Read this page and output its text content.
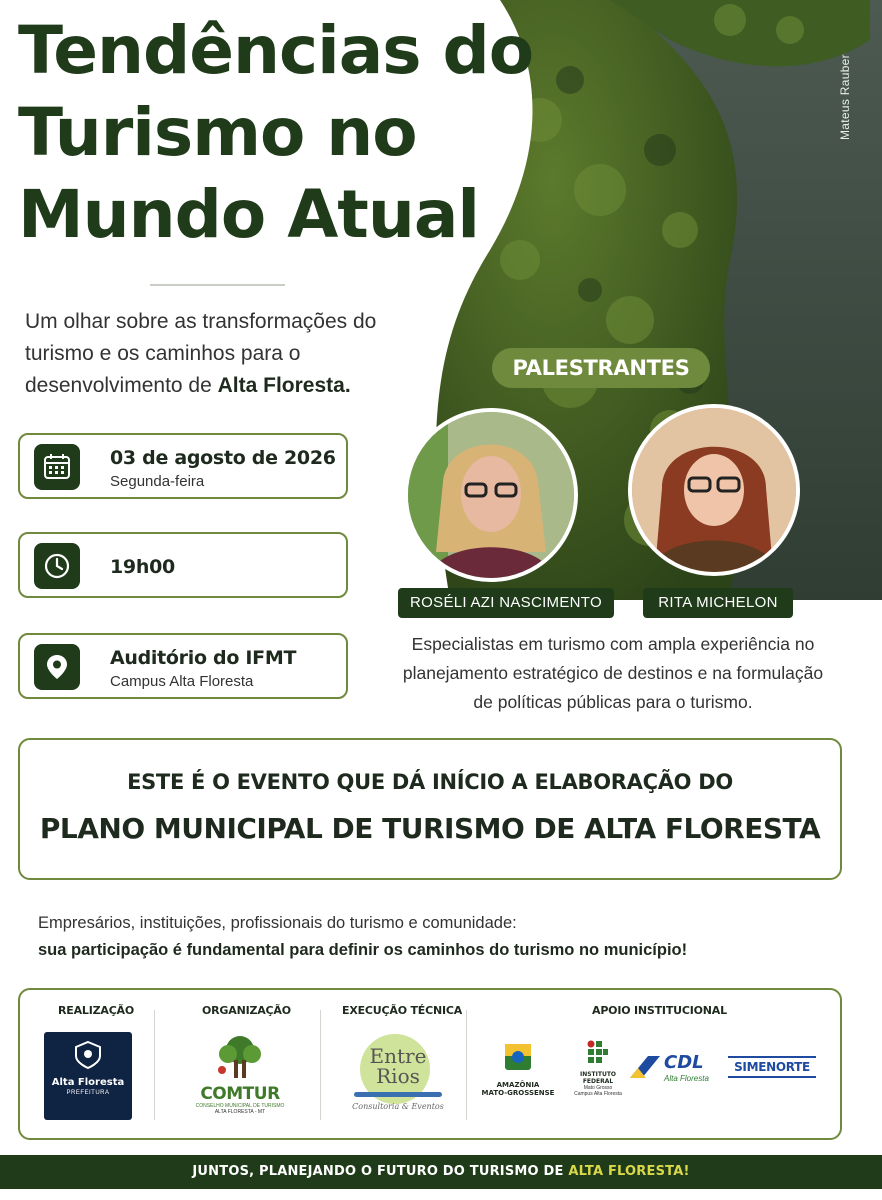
Mateus Rauber
Tendências do
Turismo no
Mundo Atual
Um olhar sobre as transformações do turismo e os caminhos para o desenvolvimento de Alta Floresta.
03 de agosto de 2026
Segunda-feira
19h00
Auditório do IFMT
Campus Alta Floresta
PALESTRANTES
ROSÉLI AZI NASCIMENTO	RITA MICHELON
Especialistas em turismo com ampla experiência no planejamento estratégico de destinos e na formulação de políticas públicas para o turismo.
ESTE É O EVENTO QUE DÁ INÍCIO A ELABORAÇÃO DO
PLANO MUNICIPAL DE TURISMO DE ALTA FLORESTA
Empresários, instituições, profissionais do turismo e comunidade:
sua participação é fundamental para definir os caminhos do turismo no município!
REALIZAÇÃO	ORGANIZAÇÃO	EXECUÇÃO TÉCNICA	APOIO INSTITUCIONAL
Alta Floresta
PREFEITURA	COMTUR
CONSELHO MUNICIPAL DE TURISMO
ALTA FLORESTA - MT
Entre
Rios
Consultoria & Eventos
AMAZÔNIA
MATO-GROSSENSE
INSTITUTO FEDERAL
Mato Grosso
Campus Alta Floresta
CDL
Alta Floresta
SIMENORTE
JUNTOS, PLANEJANDO O FUTURO DO TURISMO DE ALTA FLORESTA!
